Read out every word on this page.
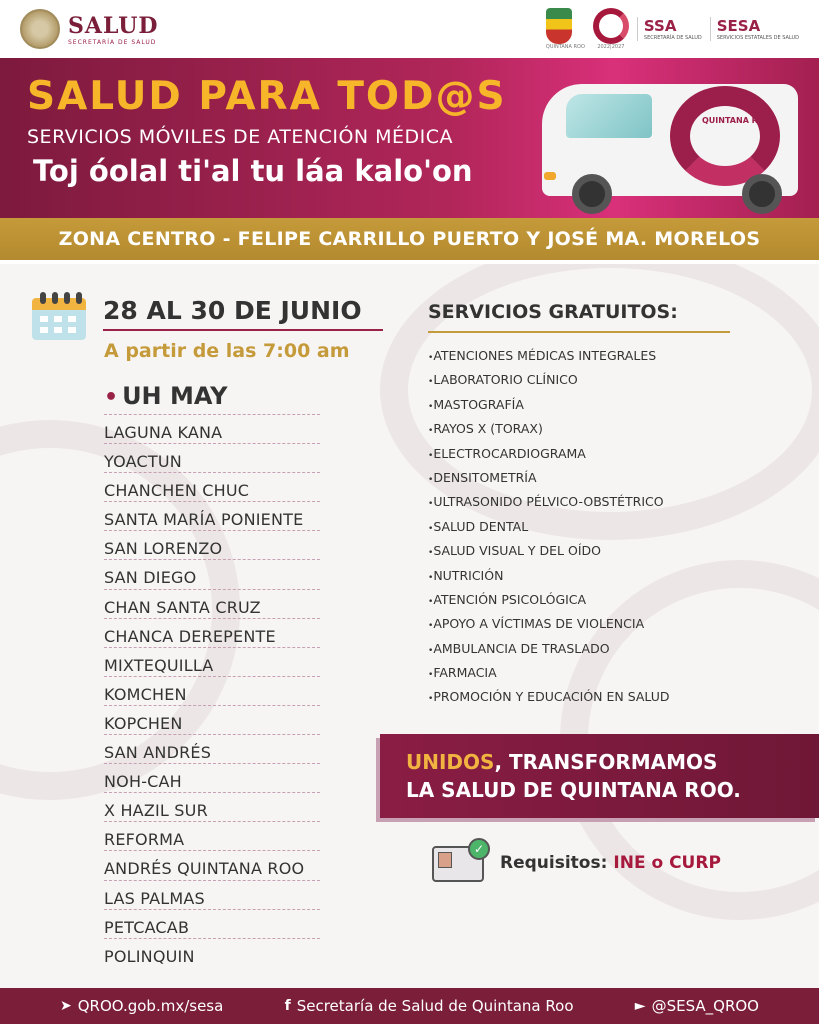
SALUD
SECRETARÍA DE SALUD
QUINTANA ROO	2022|2027
SSA
SECRETARÍA DE SALUD
SESA
SERVICIOS ESTATALES DE SALUD
SALUD PARA TOD@S
SERVICIOS MÓVILES DE ATENCIÓN MÉDICA
Toj óolal ti'al tu láa kalo'on
QUINTANA ROO
ZONA CENTRO - FELIPE CARRILLO PUERTO Y JOSÉ MA. MORELOS
28 AL 30 DE JUNIO
A partir de las 7:00 am
• UH MAY
LAGUNA KANA
YOACTUN
CHANCHEN CHUC
SANTA MARÍA PONIENTE
SAN LORENZO
SAN DIEGO
CHAN SANTA CRUZ
CHANCA DEREPENTE
MIXTEQUILLA
KOMCHEN
KOPCHEN
SAN ANDRÉS
NOH-CAH
X HAZIL SUR
REFORMA
ANDRÉS QUINTANA ROO
LAS PALMAS
PETCACAB
POLINQUIN
SERVICIOS GRATUITOS:
• ATENCIONES MÉDICAS INTEGRALES
• LABORATORIO CLÍNICO
• MASTOGRAFÍA
• RAYOS X (TORAX)
• ELECTROCARDIOGRAMA
• DENSITOMETRÍA
• ULTRASONIDO PÉLVICO-OBSTÉTRICO
• SALUD DENTAL
• SALUD VISUAL Y DEL OÍDO
• NUTRICIÓN
• ATENCIÓN PSICOLÓGICA
• APOYO A VÍCTIMAS DE VIOLENCIA
• AMBULANCIA DE TRASLADO
• FARMACIA
• PROMOCIÓN Y EDUCACIÓN EN SALUD
UNIDOS, TRANSFORMAMOS
LA SALUD DE QUINTANA ROO.
✓
Requisitos: INE o CURP
➤ QROO.gob.mx/sesa	f Secretaría de Salud de Quintana Roo	► @SESA_QROO
